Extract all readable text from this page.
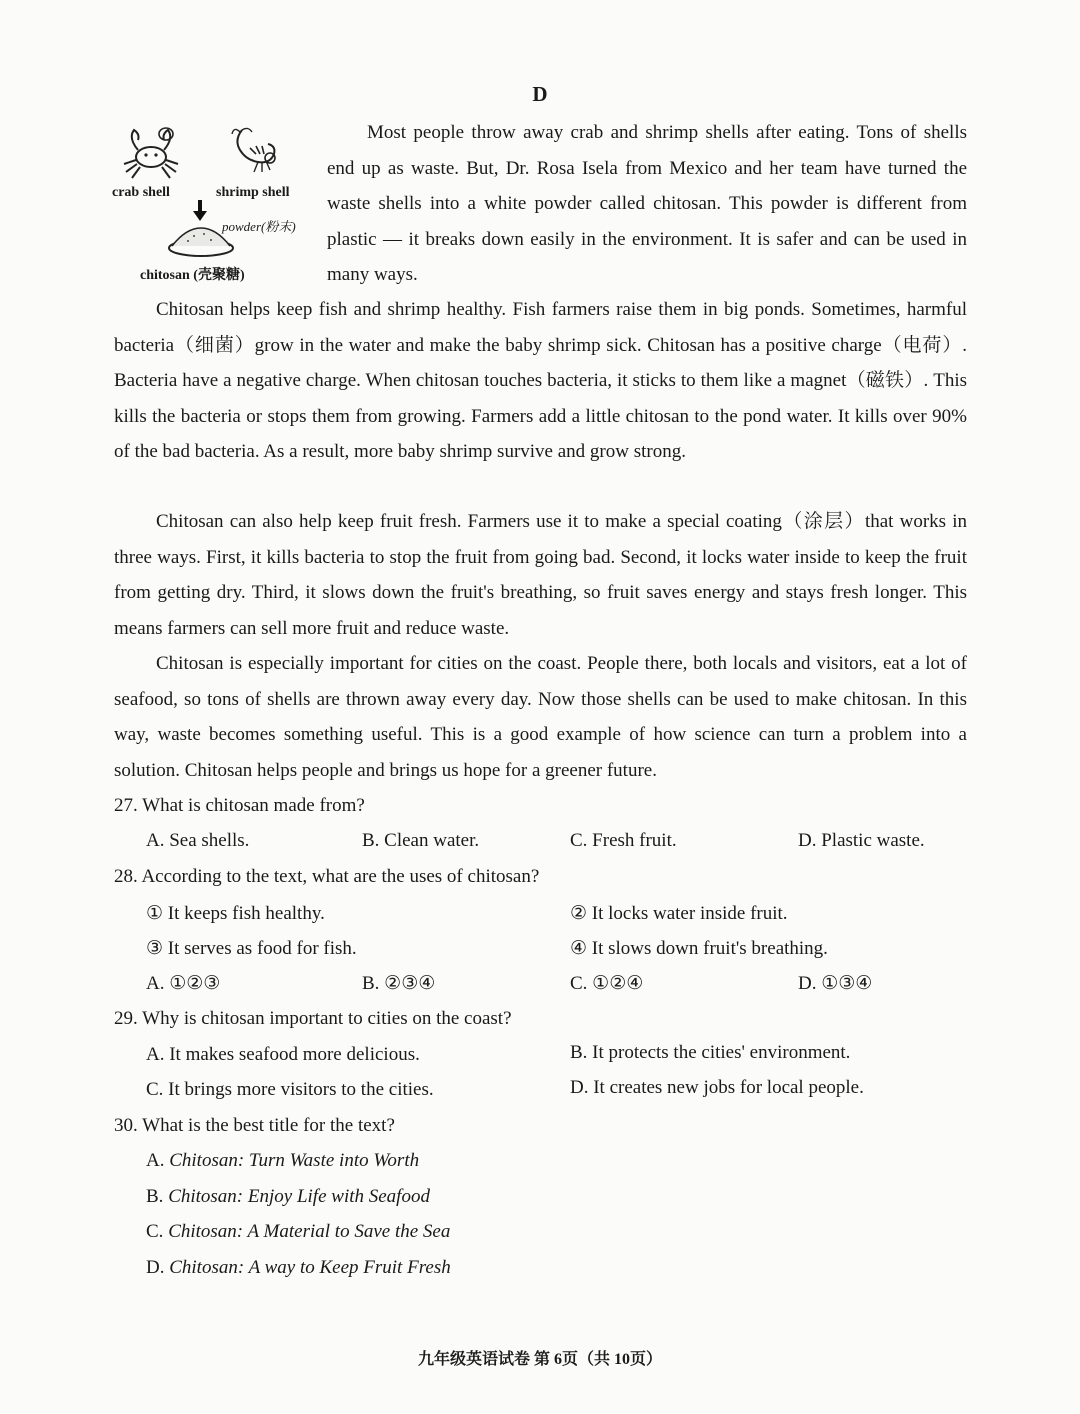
D
crab shell	shrimp shell
powder(粉末)
chitosan (壳聚糖)

Most people throw away crab and shrimp shells after eating. Tons of shells end up as waste. But, Dr. Rosa Isela from Mexico and her team have turned the waste shells into a white powder called chitosan. This powder is different from plastic — it breaks down easily in the environment. It is safer and can be used in many ways.

Chitosan helps keep fish and shrimp healthy. Fish farmers raise them in big ponds. Sometimes, harmful bacteria（细菌）grow in the water and make the baby shrimp sick. Chitosan has a positive charge（电荷）. Bacteria have a negative charge. When chitosan touches bacteria, it sticks to them like a magnet（磁铁）. This kills the bacteria or stops them from growing. Farmers add a little chitosan to the pond water. It kills over 90% of the bad bacteria. As a result, more baby shrimp survive and grow strong.

Chitosan can also help keep fruit fresh. Farmers use it to make a special coating（涂层）that works in three ways. First, it kills bacteria to stop the fruit from going bad. Second, it locks water inside to keep the fruit from getting dry. Third, it slows down the fruit's breathing, so fruit saves energy and stays fresh longer. This means farmers can sell more fruit and reduce waste.

Chitosan is especially important for cities on the coast. People there, both locals and visitors, eat a lot of seafood, so tons of shells are thrown away every day. Now those shells can be used to make chitosan. In this way, waste becomes something useful. This is a good example of how science can turn a problem into a solution. Chitosan helps people and brings us hope for a greener future.

27. What is chitosan made from?
A. Sea shells.	B. Clean water.	C. Fresh fruit.	D. Plastic waste.
28. According to the text, what are the uses of chitosan?
① It keeps fish healthy.	② It locks water inside fruit.
③ It serves as food for fish.	④ It slows down fruit's breathing.
A. ①②③	B. ②③④	C. ①②④	D. ①③④
29. Why is chitosan important to cities on the coast?
A. It makes seafood more delicious.	B. It protects the cities' environment.
C. It brings more visitors to the cities.	D. It creates new jobs for local people.
30. What is the best title for the text?
A. Chitosan: Turn Waste into Worth
B. Chitosan: Enjoy Life with Seafood
C. Chitosan: A Material to Save the Sea
D. Chitosan: A way to Keep Fruit Fresh
九年级英语试卷 第 6页（共 10页）
